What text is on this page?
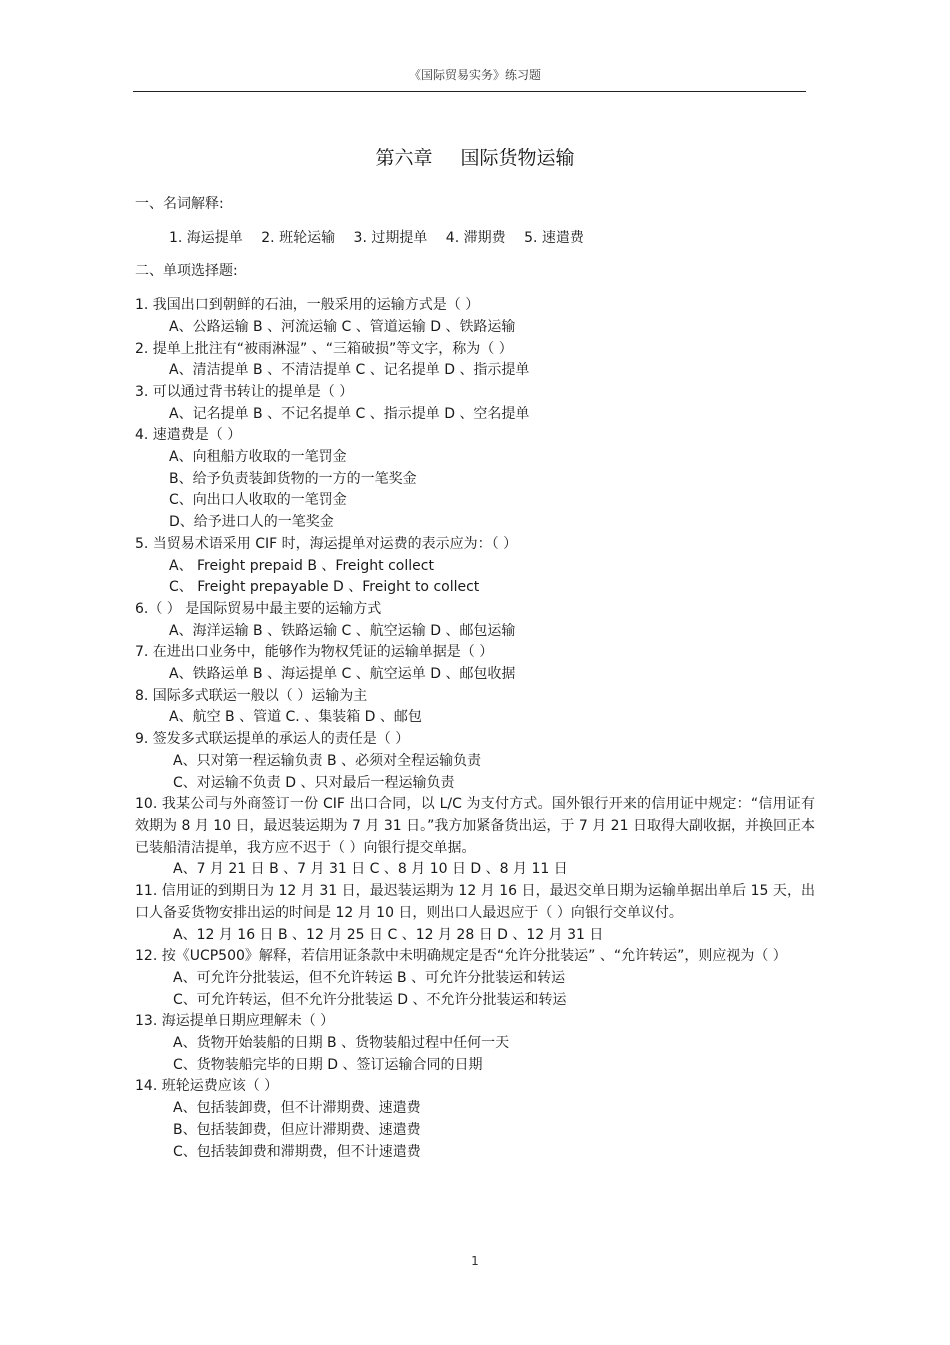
《国际贸易实务》练习题
第六章 国际货物运输
一、名词解释:
1. 海运提单 2. 班轮运输 3. 过期提单 4. 滞期费 5. 速遣费
二、单项选择题:
1. 我国出口到朝鲜的石油，一般采用的运输方式是（ ）
A、公路运输 B 、河流运输 C 、管道运输 D 、铁路运输
2. 提单上批注有“被雨淋湿” 、“三箱破损”等文字，称为（ ）
A、清洁提单 B 、不清洁提单 C 、记名提单 D 、指示提单
3. 可以通过背书转让的提单是（ ）
A、记名提单 B 、不记名提单 C 、指示提单 D 、空名提单
4. 速遣费是（ ）
A、向租船方收取的一笔罚金
B、给予负责装卸货物的一方的一笔奖金
C、向出口人收取的一笔罚金
D、给予进口人的一笔奖金
5. 当贸易术语采用 CIF 时，海运提单对运费的表示应为：（ ）
A、 Freight prepaid B 、Freight collect
C、 Freight prepayable D 、Freight to collect
6.（ ） 是国际贸易中最主要的运输方式
A、海洋运输 B 、铁路运输 C 、航空运输 D 、邮包运输
7. 在进出口业务中，能够作为物权凭证的运输单据是（ ）
A、铁路运单 B 、海运提单 C 、航空运单 D 、邮包收据
8. 国际多式联运一般以（ ）运输为主
A、航空 B 、管道 C. 、集装箱 D 、邮包
9. 签发多式联运提单的承运人的责任是（ ）
A、只对第一程运输负责 B 、必须对全程运输负责
C、对运输不负责 D 、只对最后一程运输负责
10. 我某公司与外商签订一份 CIF 出口合同，以 L/C 为支付方式。国外银行开来的信用证中规定：“信用证有效期为 8 月 10 日，最迟装运期为 7 月 31 日。”我方加紧备货出运，于 7 月 21 日取得大副收据，并换回正本已装船清洁提单，我方应不迟于（ ）向银行提交单据。
A、7 月 21 日 B 、7 月 31 日 C 、8 月 10 日 D 、8 月 11 日
11. 信用证的到期日为 12 月 31 日，最迟装运期为 12 月 16 日，最迟交单日期为运输单据出单后 15 天，出口人备妥货物安排出运的时间是 12 月 10 日，则出口人最迟应于（ ）向银行交单议付。
A、12 月 16 日 B 、12 月 25 日 C 、12 月 28 日 D 、12 月 31 日
12. 按《UCP500》解释，若信用证条款中未明确规定是否“允许分批装运” 、“允许转运”，则应视为（ ）
A、可允许分批装运，但不允许转运 B 、可允许分批装运和转运
C、可允许转运，但不允许分批装运 D 、不允许分批装运和转运
13. 海运提单日期应理解未（ ）
A、货物开始装船的日期 B 、货物装船过程中任何一天
C、货物装船完毕的日期 D 、签订运输合同的日期
14. 班轮运费应该（ ）
A、包括装卸费，但不计滞期费、速遣费
B、包括装卸费，但应计滞期费、速遣费
C、包括装卸费和滞期费，但不计速遣费
1
